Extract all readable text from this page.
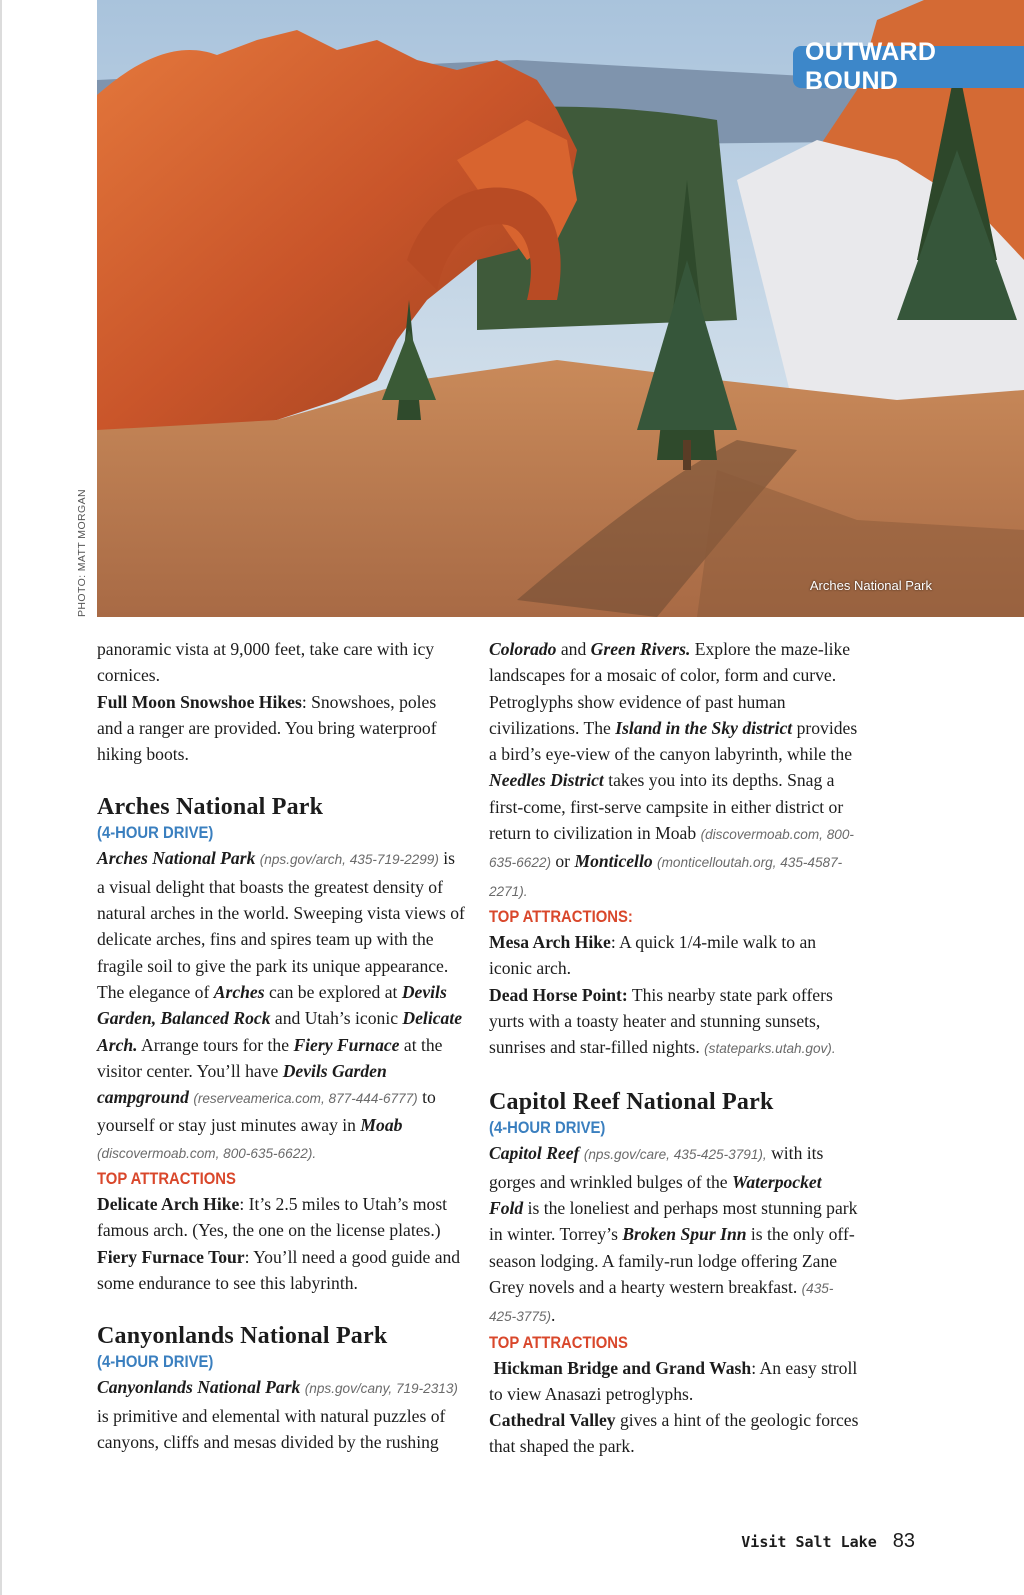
OUTWARD BOUND
Arches National Park
PHOTO: MATT MORGAN

panoramic vista at 9,000 feet, take care with icy cornices.

Full Moon Snowshoe Hikes: Snowshoes, poles and a ranger are provided. You bring waterproof hiking boots.

Arches National Park
(4-HOUR DRIVE)

Arches National Park (nps.gov/arch, 435-719-2299) is a visual delight that boasts the greatest density of natural arches in the world. Sweeping vista views of delicate arches, fins and spires team up with the fragile soil to give the park its unique appearance. The elegance of Arches can be explored at Devils Garden, Balanced Rock and Utah’s iconic Delicate Arch. Arrange tours for the Fiery Furnace at the visitor center. You’ll have Devils Garden campground (reserveamerica.com, 877-444-6777) to yourself or stay just minutes away in Moab (discovermoab.com, 800-635-6622).

TOP ATTRACTIONS

Delicate Arch Hike: It’s 2.5 miles to Utah’s most famous arch. (Yes, the one on the license plates.)

Fiery Furnace Tour: You’ll need a good guide and some endurance to see this labyrinth.

Canyonlands National Park
(4-HOUR DRIVE)

Canyonlands National Park (nps.gov/cany, 719-2313) is primitive and elemental with natural puzzles of canyons, cliffs and mesas divided by the rushing

Colorado and Green Rivers. Explore the maze-like landscapes for a mosaic of color, form and curve. Petroglyphs show evidence of past human civilizations. The Island in the Sky district provides a bird’s eye-view of the canyon labyrinth, while the Needles District takes you into its depths. Snag a first-come, first-serve campsite in either district or return to civilization in Moab (discovermoab.com, 800-635-6622) or Monticello (monticelloutah.org, 435-4587-2271).

TOP ATTRACTIONS:

Mesa Arch Hike: A quick 1/4-mile walk to an iconic arch.

Dead Horse Point: This nearby state park offers yurts with a toasty heater and stunning sunsets, sunrises and star-filled nights. (stateparks.utah.gov).

Capitol Reef National Park
(4-HOUR DRIVE)

Capitol Reef (nps.gov/care, 435-425-3791), with its gorges and wrinkled bulges of the Waterpocket Fold is the loneliest and perhaps most stunning park in winter. Torrey’s Broken Spur Inn is the only off-season lodging. A family-run lodge offering Zane Grey novels and a hearty western breakfast. (435-425-3775).

TOP ATTRACTIONS

Hickman Bridge and Grand Wash: An easy stroll to view Anasazi petroglyphs.

Cathedral Valley gives a hint of the geologic forces that shaped the park.

Visit Salt Lake 83
